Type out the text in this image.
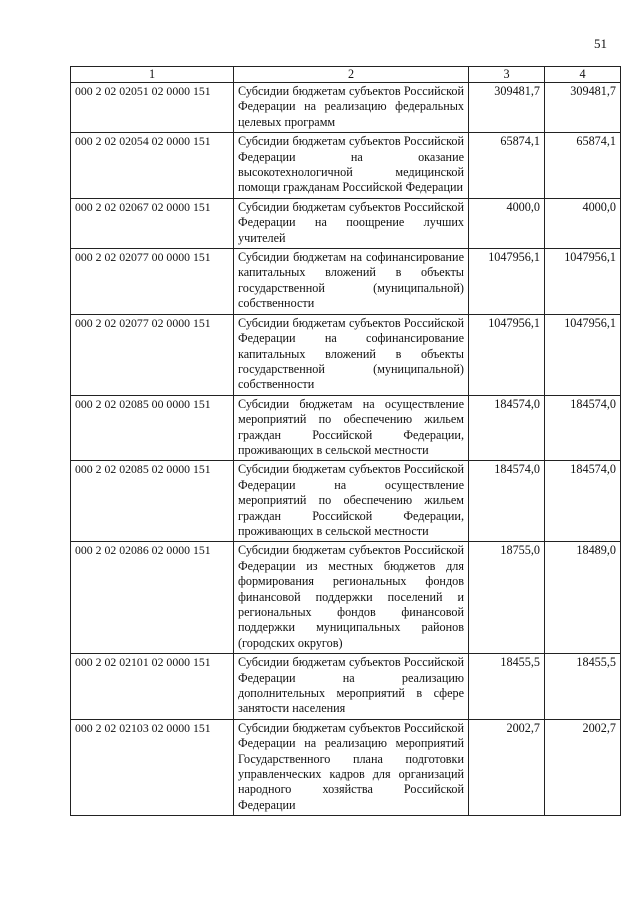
51
1	2	3	4
000 2 02 02051 02 0000 151	Субсидии бюджетам субъектов Российской Федерации на реализацию федеральных целевых программ	309481,7	309481,7
000 2 02 02054 02 0000 151	Субсидии бюджетам субъектов Российской Федерации на оказание высокотехнологичной медицинской помощи гражданам Российской Федерации	65874,1	65874,1
000 2 02 02067 02 0000 151	Субсидии бюджетам субъектов Российской Федерации на поощрение лучших учителей	4000,0	4000,0
000 2 02 02077 00 0000 151	Субсидии бюджетам на софинансирование капитальных вложений в объекты государственной (муниципальной) собственности	1047956,1	1047956,1
000 2 02 02077 02 0000 151	Субсидии бюджетам субъектов Российской Федерации на софинансирование капитальных вложений в объекты государственной (муниципальной) собственности	1047956,1	1047956,1
000 2 02 02085 00 0000 151	Субсидии бюджетам на осуществление мероприятий по обеспечению жильем граждан Российской Федерации, проживающих в сельской местности	184574,0	184574,0
000 2 02 02085 02 0000 151	Субсидии бюджетам субъектов Российской Федерации на осуществление мероприятий по обеспечению жильем граждан Российской Федерации, проживающих в сельской местности	184574,0	184574,0
000 2 02 02086 02 0000 151	Субсидии бюджетам субъектов Российской Федерации из местных бюджетов для формирования региональных фондов финансовой поддержки поселений и региональных фондов финансовой поддержки муниципальных районов (городских округов)	18755,0	18489,0
000 2 02 02101 02 0000 151	Субсидии бюджетам субъектов Российской Федерации на реализацию дополнительных мероприятий в сфере занятости населения	18455,5	18455,5
000 2 02 02103 02 0000 151	Субсидии бюджетам субъектов Российской Федерации на реализацию мероприятий Государственного плана подготовки управленческих кадров для организаций народного хозяйства Российской Федерации	2002,7	2002,7
